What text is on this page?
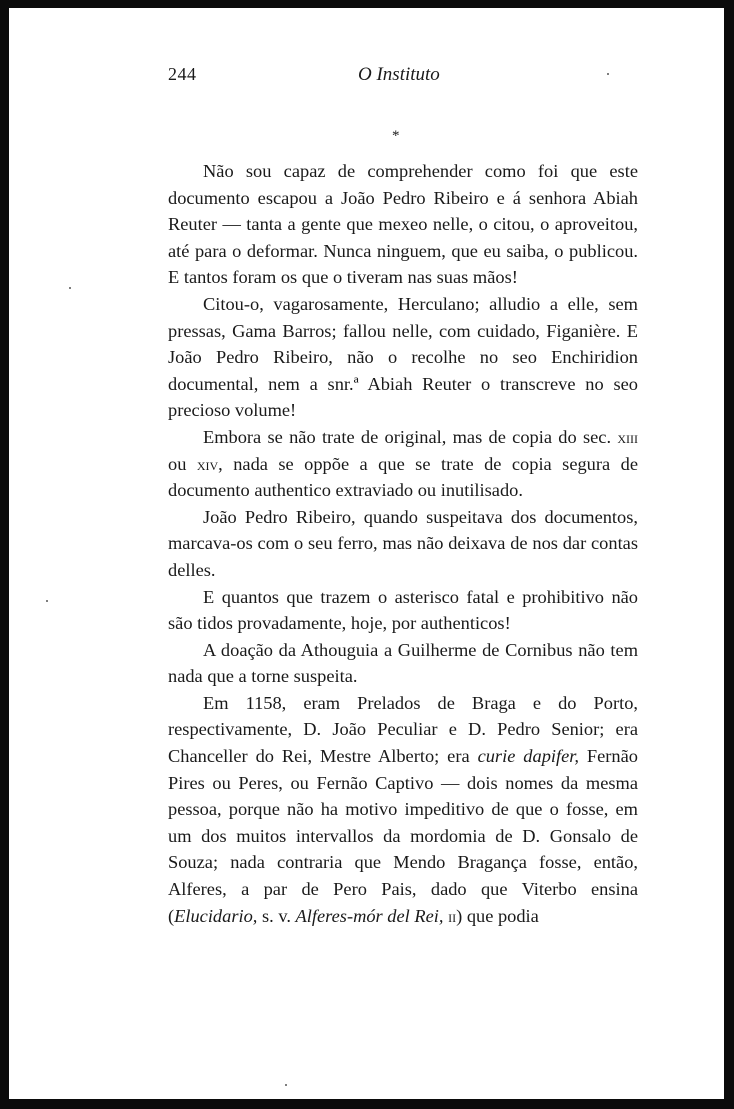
244	O Instituto
*

Não sou capaz de comprehender como foi que este documento escapou a João Pedro Ribeiro e á senhora Abiah Reuter — tanta a gente que mexeo nelle, o citou, o aproveitou, até para o deformar. Nunca ninguem, que eu saiba, o publicou. E tantos foram os que o tiveram nas suas mãos!

Citou-o, vagarosamente, Herculano; alludio a elle, sem pressas, Gama Barros; fallou nelle, com cuidado, Figanière. E João Pedro Ribeiro, não o recolhe no seo Enchiridion documental, nem a snr.ª Abiah Reuter o transcreve no seo precioso volume!

Embora se não trate de original, mas de copia do sec. xiii ou xiv, nada se oppõe a que se trate de copia segura de documento authentico extraviado ou inutilisado.

João Pedro Ribeiro, quando suspeitava dos documentos, marcava-os com o seu ferro, mas não deixava de nos dar contas delles.

E quantos que trazem o asterisco fatal e prohibitivo não são tidos provadamente, hoje, por authenticos!

A doação da Athouguia a Guilherme de Cornibus não tem nada que a torne suspeita.

Em 1158, eram Prelados de Braga e do Porto, respectivamente, D. João Peculiar e D. Pedro Senior; era Chanceller do Rei, Mestre Alberto; era curie dapifer, Fernão Pires ou Peres, ou Fernão Captivo — dois nomes da mesma pessoa, porque não ha motivo impeditivo de que o fosse, em um dos muitos intervallos da mordomia de D. Gonsalo de Souza; nada contraria que Mendo Bragança fosse, então, Alferes, a par de Pero Pais, dado que Viterbo ensina (Elucidario, s. v. Alferes-mór del Rei, ii) que podia
